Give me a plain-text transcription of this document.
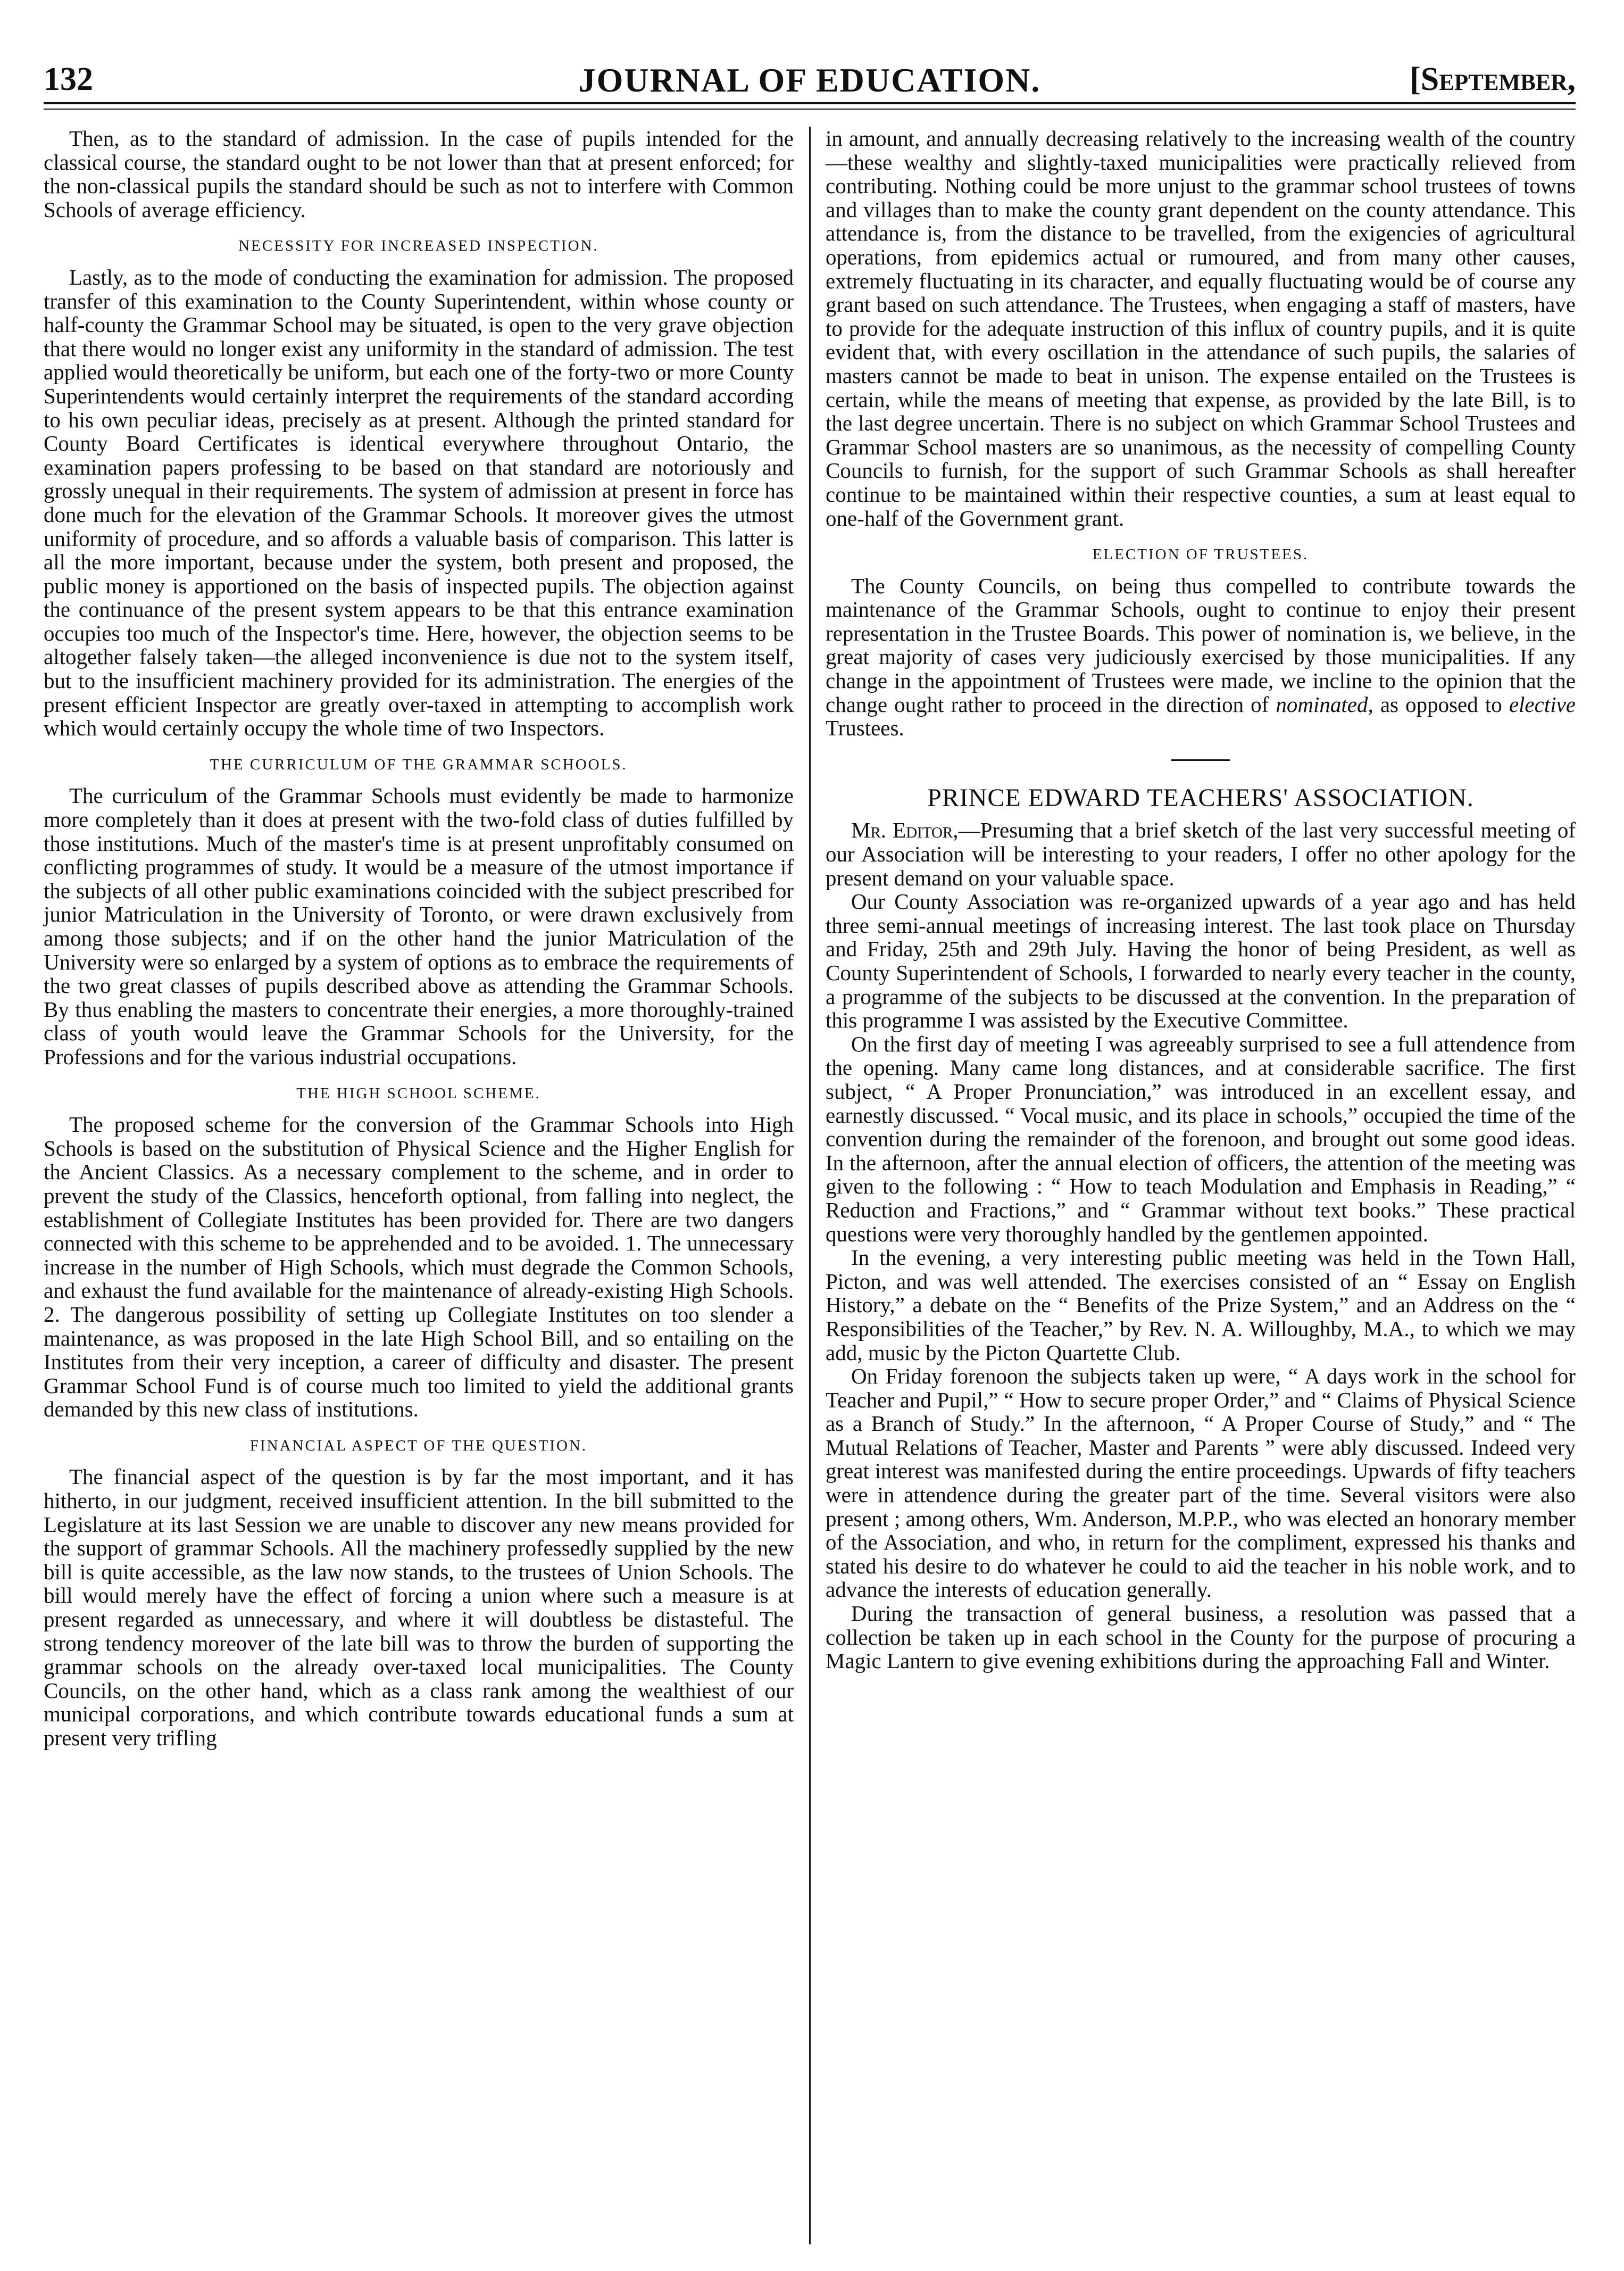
132	JOURNAL OF EDUCATION.	[September,

Then, as to the standard of admission. In the case of pupils intended for the classical course, the standard ought to be not lower than that at present enforced; for the non-classical pupils the standard should be such as not to interfere with Common Schools of average efficiency.

NECESSITY FOR INCREASED INSPECTION.

Lastly, as to the mode of conducting the examination for admission. The proposed transfer of this examination to the County Superintendent, within whose county or half-county the Grammar School may be situated, is open to the very grave objection that there would no longer exist any uniformity in the standard of admission. The test applied would theoretically be uniform, but each one of the forty-two or more County Superintendents would certainly interpret the requirements of the standard according to his own peculiar ideas, precisely as at present. Although the printed standard for County Board Certificates is identical everywhere throughout Ontario, the examination papers professing to be based on that standard are notoriously and grossly unequal in their requirements. The system of admission at present in force has done much for the elevation of the Grammar Schools. It moreover gives the utmost uniformity of procedure, and so affords a valuable basis of comparison. This latter is all the more important, because under the system, both present and proposed, the public money is apportioned on the basis of inspected pupils. The objection against the continuance of the present system appears to be that this entrance examination occupies too much of the Inspector's time. Here, however, the objection seems to be altogether falsely taken—the alleged inconvenience is due not to the system itself, but to the insufficient machinery provided for its administration. The energies of the present efficient Inspector are greatly over-taxed in attempting to accomplish work which would certainly occupy the whole time of two Inspectors.

THE CURRICULUM OF THE GRAMMAR SCHOOLS.

The curriculum of the Grammar Schools must evidently be made to harmonize more completely than it does at present with the two-fold class of duties fulfilled by those institutions. Much of the master's time is at present unprofitably consumed on conflicting programmes of study. It would be a measure of the utmost importance if the subjects of all other public examinations coincided with the subject prescribed for junior Matriculation in the University of Toronto, or were drawn exclusively from among those subjects; and if on the other hand the junior Matriculation of the University were so enlarged by a system of options as to embrace the requirements of the two great classes of pupils described above as attending the Grammar Schools. By thus enabling the masters to concentrate their energies, a more thoroughly-trained class of youth would leave the Grammar Schools for the University, for the Professions and for the various industrial occupations.

THE HIGH SCHOOL SCHEME.

The proposed scheme for the conversion of the Grammar Schools into High Schools is based on the substitution of Physical Science and the Higher English for the Ancient Classics. As a necessary complement to the scheme, and in order to prevent the study of the Classics, henceforth optional, from falling into neglect, the establishment of Collegiate Institutes has been provided for. There are two dangers connected with this scheme to be apprehended and to be avoided. 1. The unnecessary increase in the number of High Schools, which must degrade the Common Schools, and exhaust the fund available for the maintenance of already-existing High Schools. 2. The dangerous possibility of setting up Collegiate Institutes on too slender a maintenance, as was proposed in the late High School Bill, and so entailing on the Institutes from their very inception, a career of difficulty and disaster. The present Grammar School Fund is of course much too limited to yield the additional grants demanded by this new class of institutions.

FINANCIAL ASPECT OF THE QUESTION.

The financial aspect of the question is by far the most important, and it has hitherto, in our judgment, received insufficient attention. In the bill submitted to the Legislature at its last Session we are unable to discover any new means provided for the support of grammar Schools. All the machinery professedly supplied by the new bill is quite accessible, as the law now stands, to the trustees of Union Schools. The bill would merely have the effect of forcing a union where such a measure is at present regarded as unnecessary, and where it will doubtless be distasteful. The strong tendency moreover of the late bill was to throw the burden of supporting the grammar schools on the already over-taxed local municipalities. The County Councils, on the other hand, which as a class rank among the wealthiest of our municipal corporations, and which contribute towards educational funds a sum at present very trifling

in amount, and annually decreasing relatively to the increasing wealth of the country—these wealthy and slightly-taxed municipalities were practically relieved from contributing. Nothing could be more unjust to the grammar school trustees of towns and villages than to make the county grant dependent on the county attendance. This attendance is, from the distance to be travelled, from the exigencies of agricultural operations, from epidemics actual or rumoured, and from many other causes, extremely fluctuating in its character, and equally fluctuating would be of course any grant based on such attendance. The Trustees, when engaging a staff of masters, have to provide for the adequate instruction of this influx of country pupils, and it is quite evident that, with every oscillation in the attendance of such pupils, the salaries of masters cannot be made to beat in unison. The expense entailed on the Trustees is certain, while the means of meeting that expense, as provided by the late Bill, is to the last degree uncertain. There is no subject on which Grammar School Trustees and Grammar School masters are so unanimous, as the necessity of compelling County Councils to furnish, for the support of such Grammar Schools as shall hereafter continue to be maintained within their respective counties, a sum at least equal to one-half of the Government grant.

ELECTION OF TRUSTEES.

The County Councils, on being thus compelled to contribute towards the maintenance of the Grammar Schools, ought to continue to enjoy their present representation in the Trustee Boards. This power of nomination is, we believe, in the great majority of cases very judiciously exercised by those municipalities. If any change in the appointment of Trustees were made, we incline to the opinion that the change ought rather to proceed in the direction of nominated, as opposed to elective Trustees.

PRINCE EDWARD TEACHERS' ASSOCIATION.

Mr. Editor,—Presuming that a brief sketch of the last very successful meeting of our Association will be interesting to your readers, I offer no other apology for the present demand on your valuable space.

Our County Association was re-organized upwards of a year ago and has held three semi-annual meetings of increasing interest. The last took place on Thursday and Friday, 25th and 29th July. Having the honor of being President, as well as County Superintendent of Schools, I forwarded to nearly every teacher in the county, a programme of the subjects to be discussed at the convention. In the preparation of this programme I was assisted by the Executive Committee.

On the first day of meeting I was agreeably surprised to see a full attendence from the opening. Many came long distances, and at considerable sacrifice. The first subject, “ A Proper Pronunciation,” was introduced in an excellent essay, and earnestly discussed. “ Vocal music, and its place in schools,” occupied the time of the convention during the remainder of the forenoon, and brought out some good ideas. In the afternoon, after the annual election of officers, the attention of the meeting was given to the following : “ How to teach Modulation and Emphasis in Reading,” “ Reduction and Fractions,” and “ Grammar without text books.” These practical questions were very thoroughly handled by the gentlemen appointed.

In the evening, a very interesting public meeting was held in the Town Hall, Picton, and was well attended. The exercises consisted of an “ Essay on English History,” a debate on the “ Benefits of the Prize System,” and an Address on the “ Responsibilities of the Teacher,” by Rev. N. A. Willoughby, M.A., to which we may add, music by the Picton Quartette Club.

On Friday forenoon the subjects taken up were, “ A days work in the school for Teacher and Pupil,” “ How to secure proper Order,” and “ Claims of Physical Science as a Branch of Study.” In the afternoon, “ A Proper Course of Study,” and “ The Mutual Relations of Teacher, Master and Parents ” were ably discussed. Indeed very great interest was manifested during the entire proceedings. Upwards of fifty teachers were in attendence during the greater part of the time. Several visitors were also present ; among others, Wm. Anderson, M.P.P., who was elected an honorary member of the Association, and who, in return for the compliment, expressed his thanks and stated his desire to do whatever he could to aid the teacher in his noble work, and to advance the interests of education generally.

During the transaction of general business, a resolution was passed that a collection be taken up in each school in the County for the purpose of procuring a Magic Lantern to give evening exhibitions during the approaching Fall and Winter.
